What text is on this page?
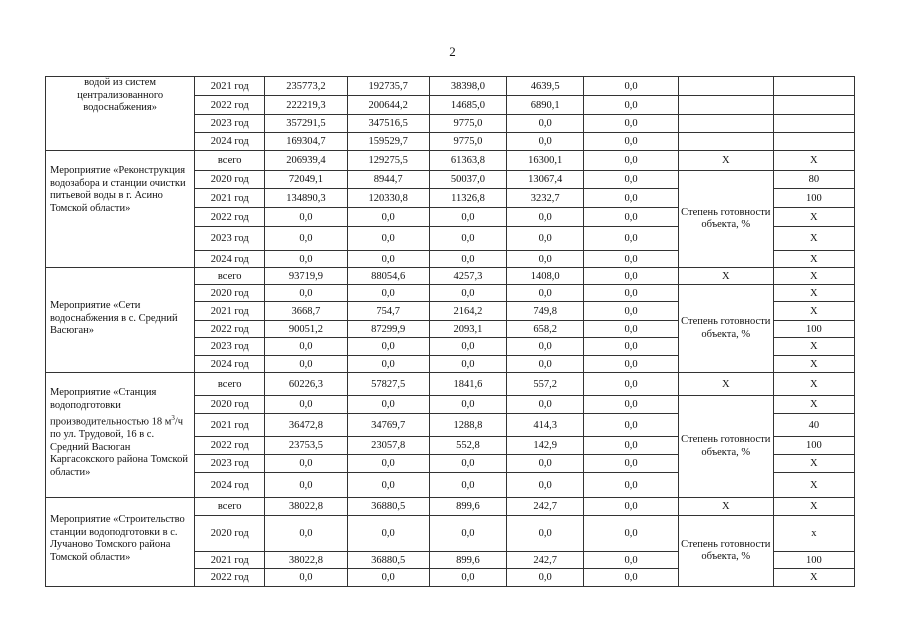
2
водой из систем централизованного водоснабжения»	2021 год	235773,2	192735,7	38398,0	4639,5	0,0		
	2022 год	222219,3	200644,2	14685,0	6890,1	0,0		
	2023 год	357291,5	347516,5	9775,0	0,0	0,0		
	2024 год	169304,7	159529,7	9775,0	0,0	0,0		
Мероприятие «Реконструкция водозабора и станции очистки питьевой воды в г. Асино Томской области»	всего	206939,4	129275,5	61363,8	16300,1	0,0	X	X
	2020 год	72049,1	8944,7	50037,0	13067,4	0,0	Степень готовности объекта, %	80
	2021 год	134890,3	120330,8	11326,8	3232,7	0,0		100
	2022 год	0,0	0,0	0,0	0,0	0,0		X
	2023 год	0,0	0,0	0,0	0,0	0,0		X
	2024 год	0,0	0,0	0,0	0,0	0,0		X
Мероприятие «Сети водоснабжения в с. Средний Васюган»	всего	93719,9	88054,6	4257,3	1408,0	0,0	X	X
	2020 год	0,0	0,0	0,0	0,0	0,0	Степень готовности объекта, %	X
	2021 год	3668,7	754,7	2164,2	749,8	0,0		X
	2022 год	90051,2	87299,9	2093,1	658,2	0,0		100
	2023 год	0,0	0,0	0,0	0,0	0,0		X
	2024 год	0,0	0,0	0,0	0,0	0,0		X
Мероприятие «Станция водоподготовки производительностью 18 $м^3/ч$ по ул. Трудовой, 16 в с. Средний Васюган Каргасокского района Томской области»	всего	60226,3	57827,5	1841,6	557,2	0,0	X	X
	2020 год	0,0	0,0	0,0	0,0	0,0	Степень готовности объекта, %	X
	2021 год	36472,8	34769,7	1288,8	414,3	0,0		40
	2022 год	23753,5	23057,8	552,8	142,9	0,0		100
	2023 год	0,0	0,0	0,0	0,0	0,0		X
	2024 год	0,0	0,0	0,0	0,0	0,0		X
Мероприятие «Строительство станции водоподготовки в с. Лучаново Томского района Томской области»	всего	38022,8	36880,5	899,6	242,7	0,0	X	X
	2020 год	0,0	0,0	0,0	0,0	0,0	Степень готовности объекта, %	x
	2021 год	38022,8	36880,5	899,6	242,7	0,0		100
	2022 год	0,0	0,0	0,0	0,0	0,0		X
